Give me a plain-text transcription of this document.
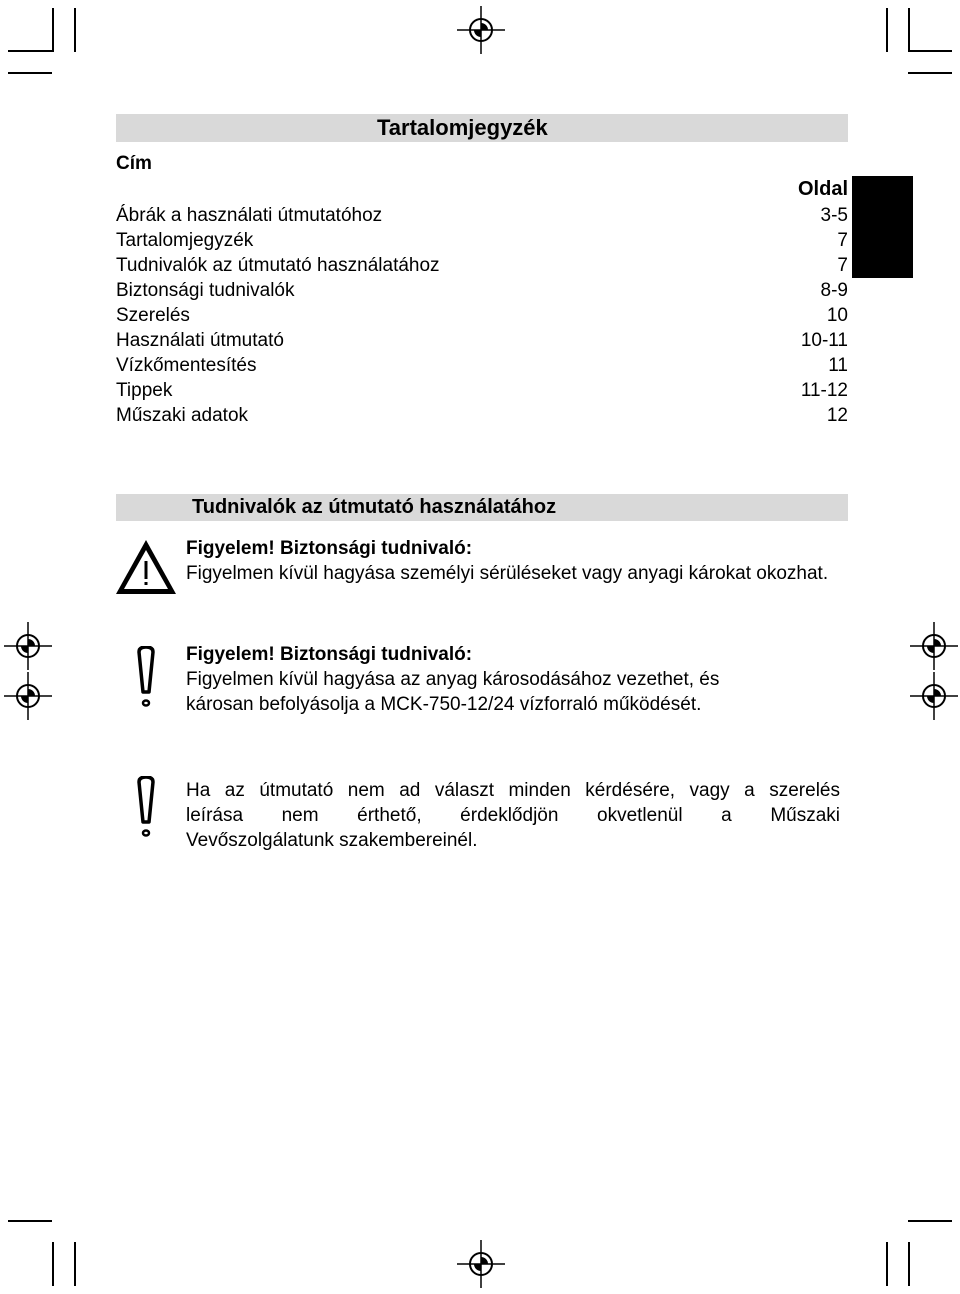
Tartalomjegyzék
Cím
Oldal
Ábrák a használati útmutatóhoz	3-5
Tartalomjegyzék	7
Tudnivalók az útmutató használatához	7
Biztonsági tudnivalók	8-9
Szerelés	10
Használati útmutató	10-11
Vízkőmentesítés	11
Tippek	11-12
Műszaki adatok	12
Tudnivalók az útmutató használatához
Figyelem! Biztonsági tudnivaló:
Figyelmen kívül hagyása személyi sérüléseket vagy anyagi károkat okozhat.
Figyelem! Biztonsági tudnivaló:
Figyelmen kívül hagyása az anyag károsodásához vezethet, és
károsan befolyásolja a MCK-750-12/24 vízforraló működését.
Ha az útmutató nem ad választ minden kérdésére, vagy a szerelés
leírása nem érthető, érdeklődjön okvetlenül a Műszaki
Vevőszolgálatunk szakembereinél.
